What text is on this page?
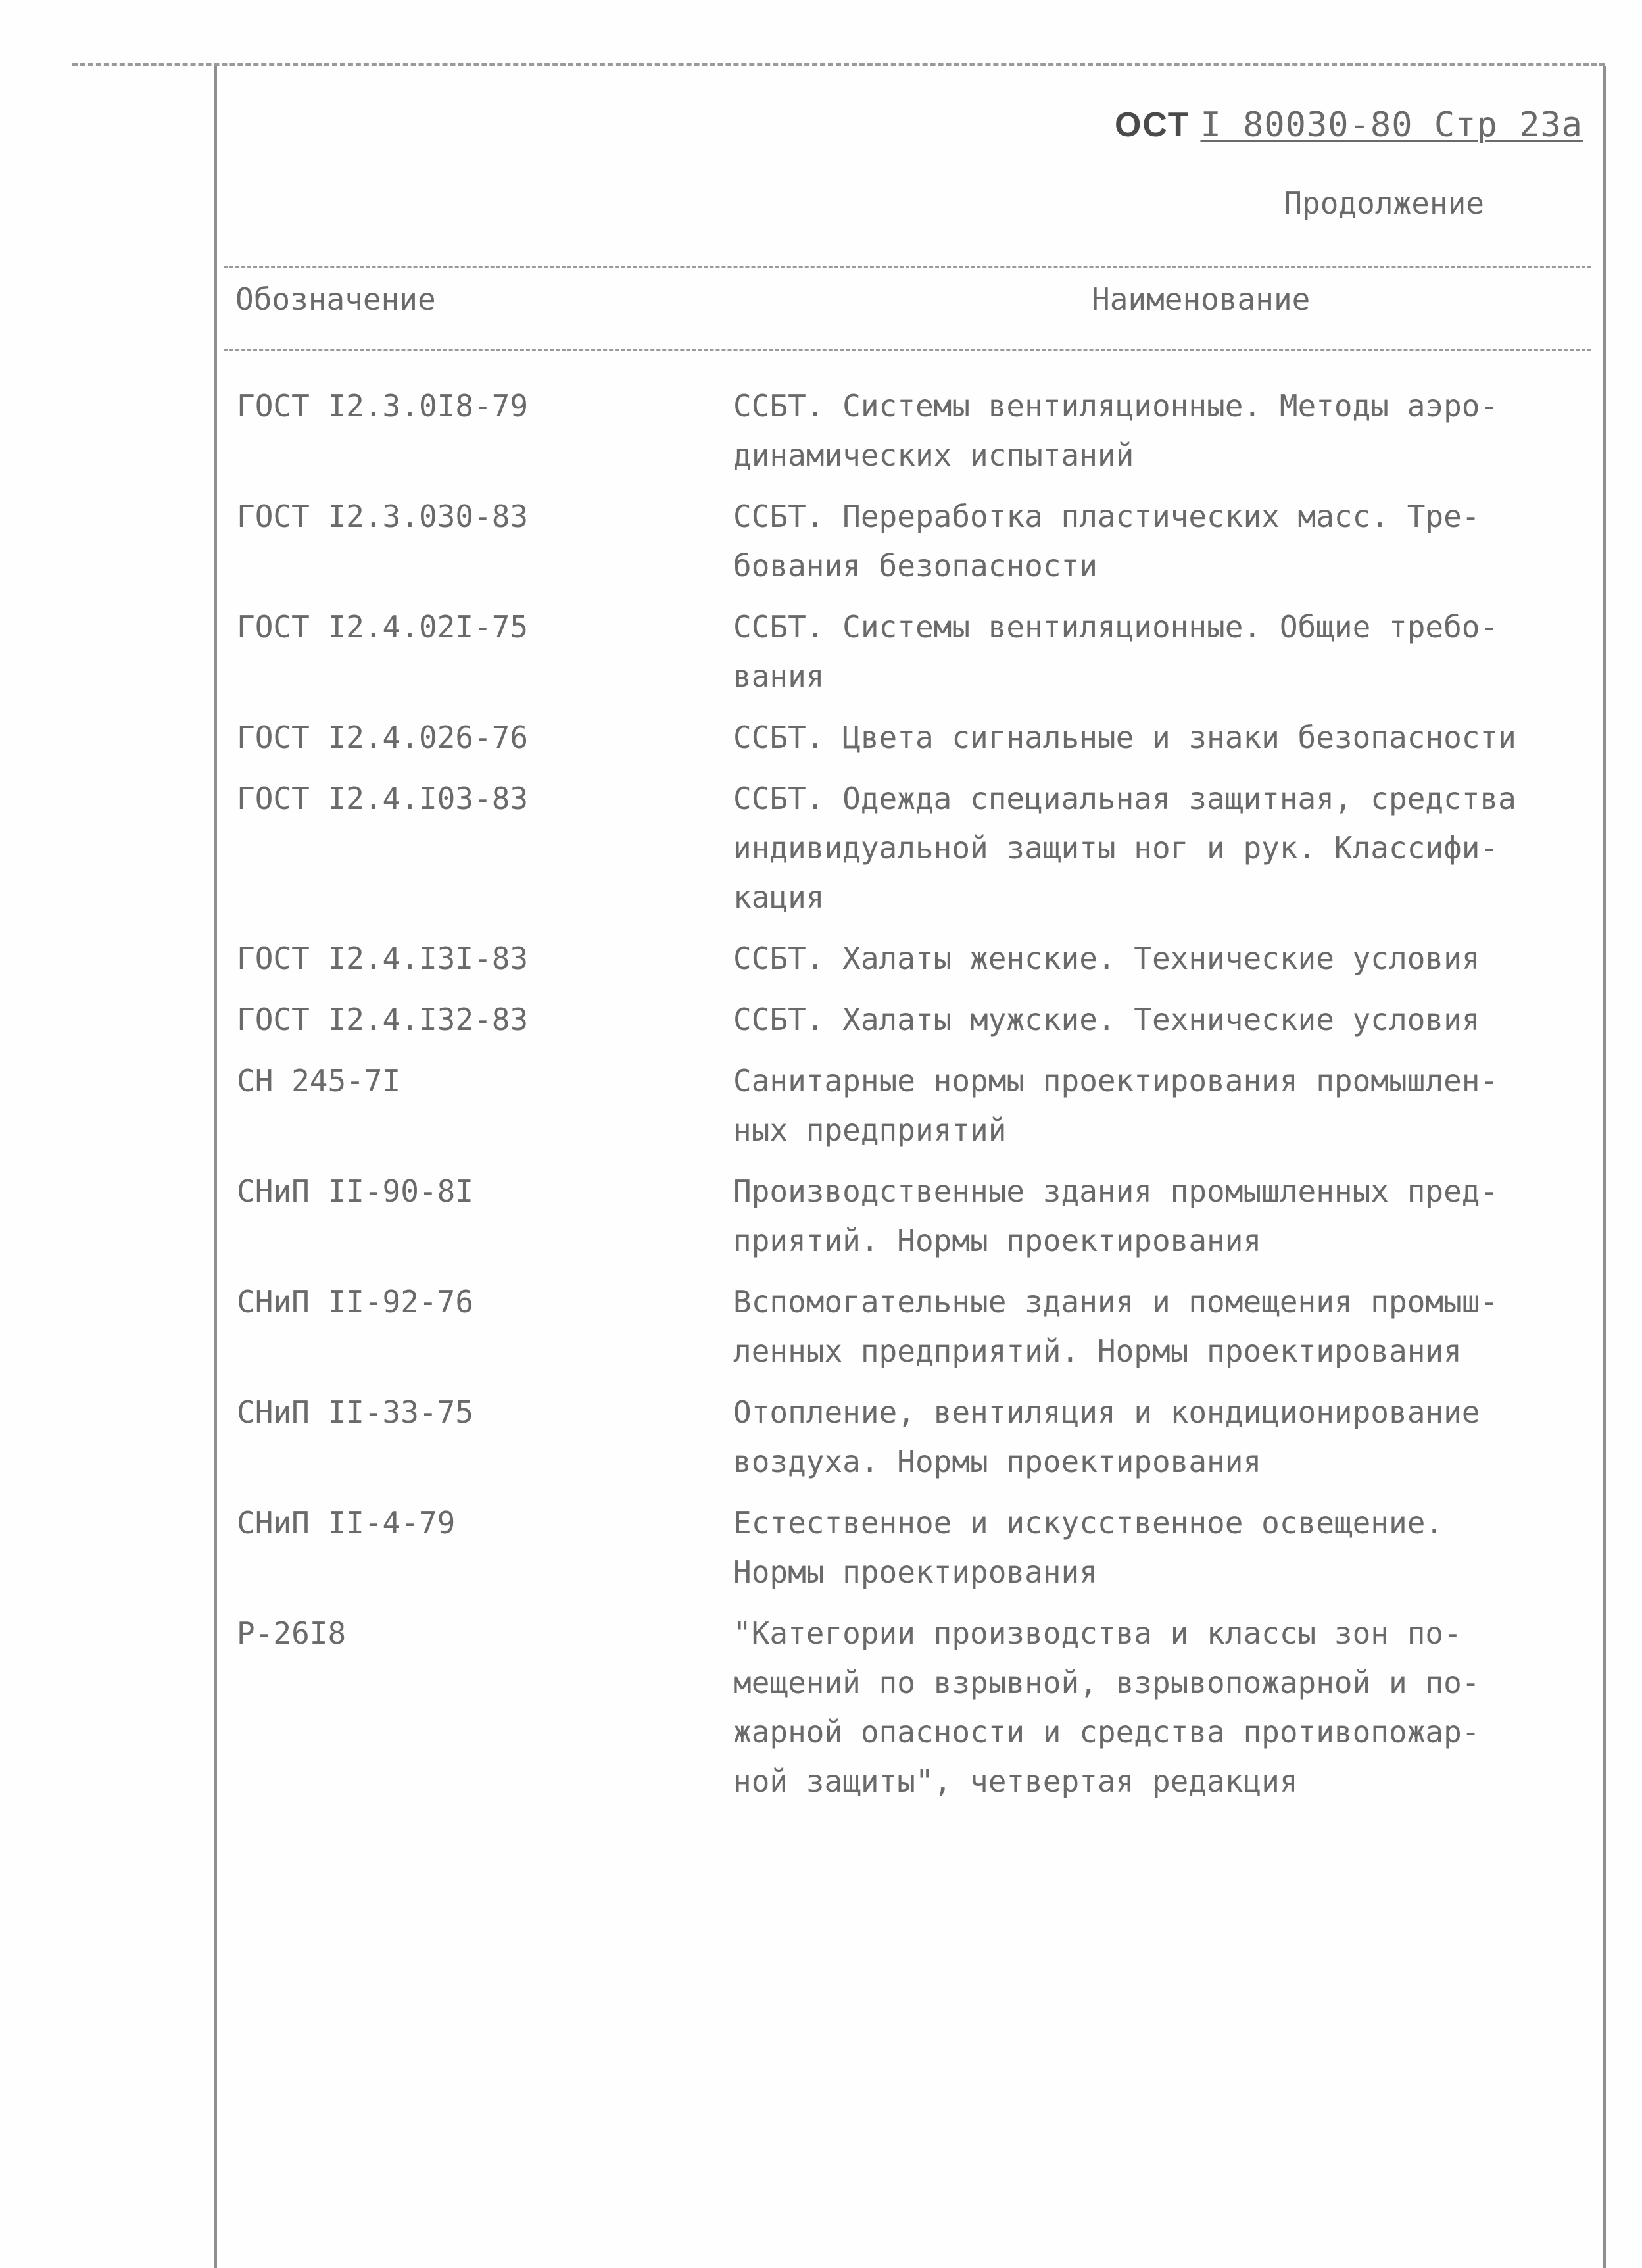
ОСТ I 80030-80 Стр 23а
Продолжение
Обозначение	Наименование
ГОСТ I2.3.0I8-79	ССБТ. Системы вентиляционные. Методы аэро-
динамических испытаний
ГОСТ I2.3.030-83	ССБТ. Переработка пластических масс. Тре-
бования безопасности
ГОСТ I2.4.02I-75	ССБТ. Системы вентиляционные. Общие требо-
вания
ГОСТ I2.4.026-76	ССБТ. Цвета сигнальные и знаки безопасности
ГОСТ I2.4.I03-83	ССБТ. Одежда специальная защитная, средства
индивидуальной защиты ног и рук. Классифи-
кация
ГОСТ I2.4.I3I-83	ССБТ. Халаты женские. Технические условия
ГОСТ I2.4.I32-83	ССБТ. Халаты мужские. Технические условия
СН 245-7I	Санитарные нормы проектирования промышлен-
ных предприятий
СНиП II-90-8I	Производственные здания промышленных пред-
приятий. Нормы проектирования
СНиП II-92-76	Вспомогательные здания и помещения промыш-
ленных предприятий. Нормы проектирования
СНиП II-33-75	Отопление, вентиляция и кондиционирование
воздуха. Нормы проектирования
СНиП II-4-79	Естественное и искусственное освещение.
Нормы проектирования
Р-26I8	"Категории производства и классы зон по-
мещений по взрывной, взрывопожарной и по-
жарной опасности и средства противопожар-
ной защиты", четвертая редакция
